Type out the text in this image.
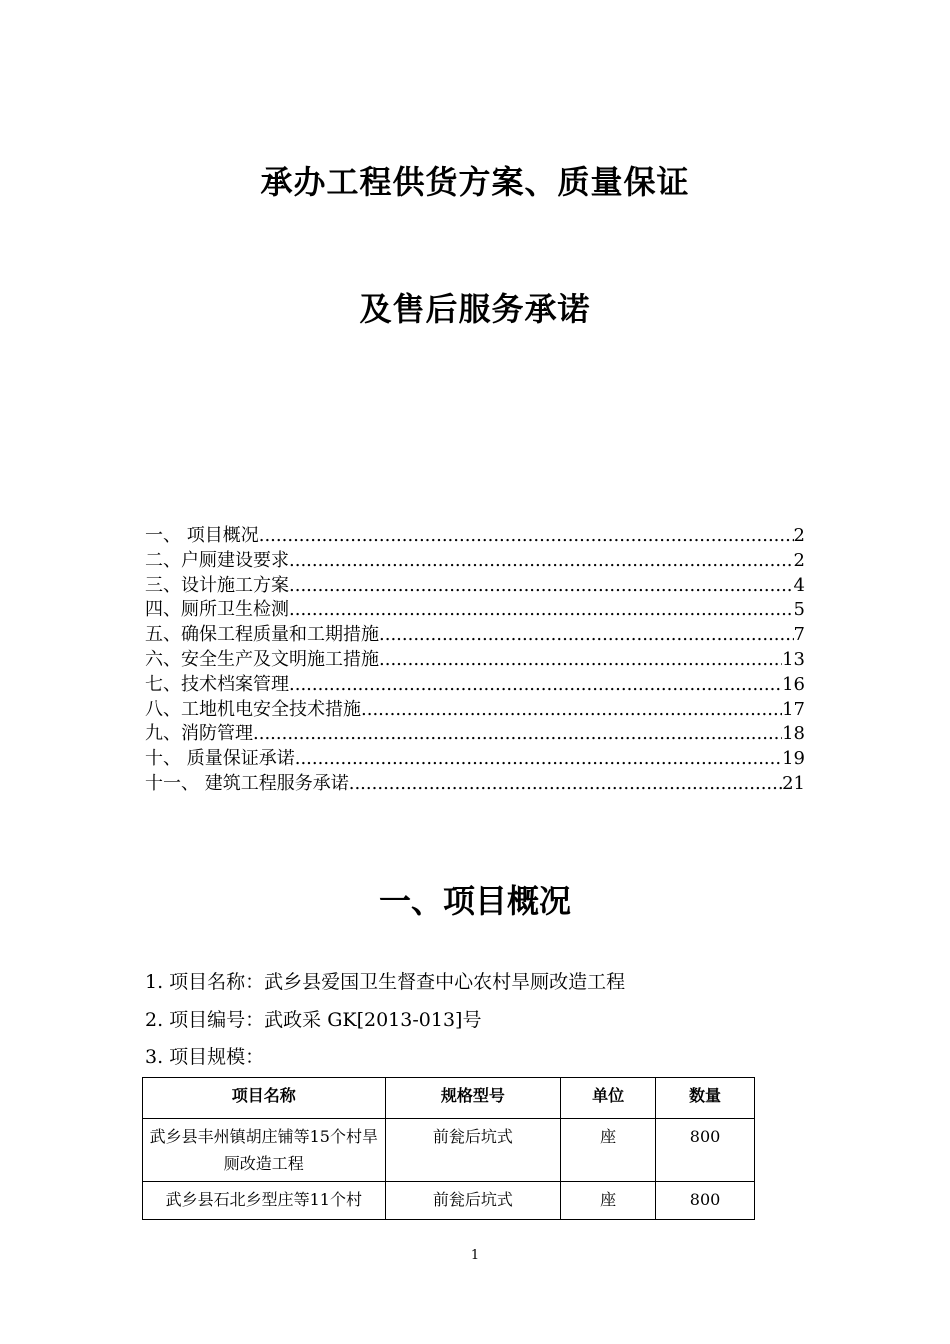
承办工程供货方案、质量保证
及售后服务承诺
一、 项目概况 .....	2
二、户厕建设要求 .....	2
三、设计施工方案 .....	4
四、厕所卫生检测 .....	5
五、确保工程质量和工期措施 .....	7
六、安全生产及文明施工措施 .....	13
七、技术档案管理 .....	16
八、工地机电安全技术措施 .....	17
九、消防管理 .....	18
十、 质量保证承诺 .....	19
十一、 建筑工程服务承诺 .....	21
一、项目概况
1. 项目名称：武乡县爱国卫生督查中心农村旱厕改造工程
2. 项目编号：武政采 GK[2013-013]号
3. 项目规模：
项目名称	规格型号	单位	数量
武乡县丰州镇胡庄铺等15个村旱厕改造工程	前瓮后坑式	座	800
武乡县石北乡型庄等11个村	前瓮后坑式	座	800
1
